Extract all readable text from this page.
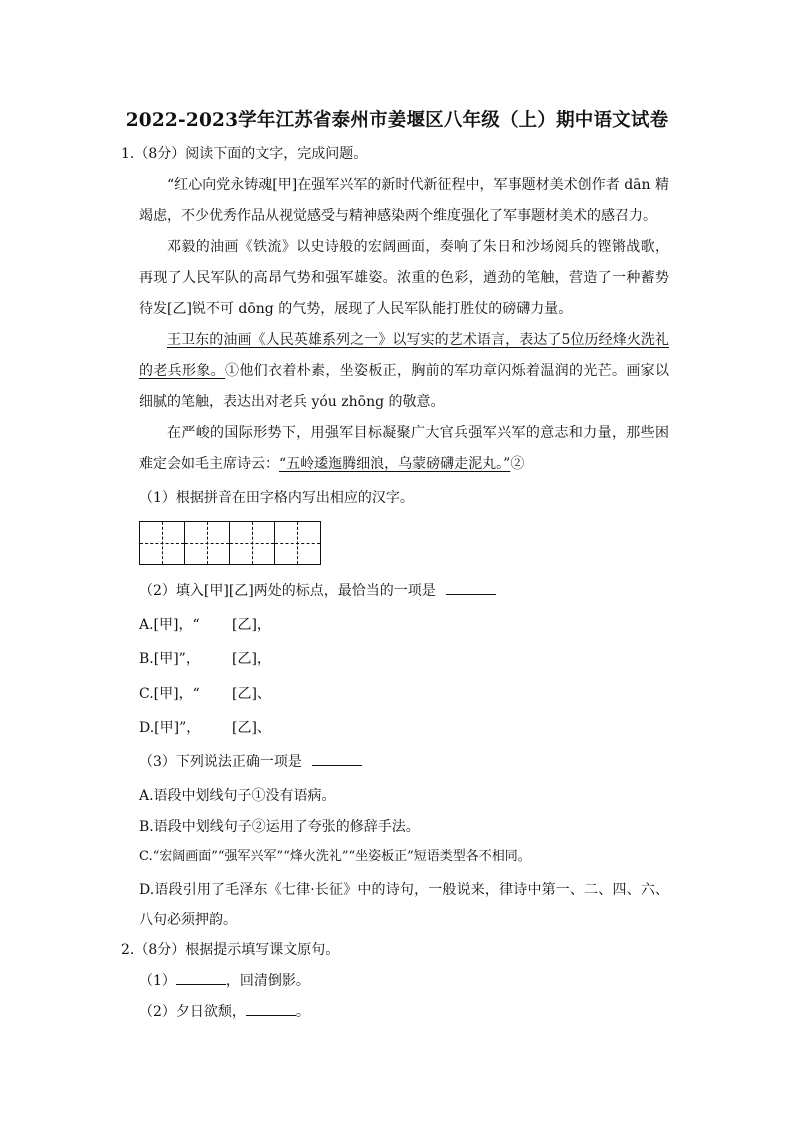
2022-2023学年江苏省泰州市姜堰区八年级（上）期中语文试卷
1.（8分）阅读下面的文字，完成问题。

“红心向党永铸魂[甲]在强军兴军的新时代新征程中，军事题材美术创作者 dān 精竭虑，不少优秀作品从视觉感受与精神感染两个维度强化了军事题材美术的感召力。

邓毅的油画《铁流》以史诗般的宏阔画面，奏响了朱日和沙场阅兵的铿锵战歌，再现了人民军队的高昂气势和强军雄姿。浓重的色彩，遒劲的笔触，营造了一种蓄势待发[乙]锐不可 dōng 的气势，展现了人民军队能打胜仗的磅礴力量。

王卫东的油画《人民英雄系列之一》以写实的艺术语言，表达了5位历经烽火洗礼的老兵形象。①他们衣着朴素，坐姿板正，胸前的军功章闪烁着温润的光芒。画家以细腻的笔触，表达出对老兵 yóu zhōng 的敬意。

在严峻的国际形势下，用强军目标凝聚广大官兵强军兴军的意志和力量，那些困难定会如毛主席诗云：“五岭逶迤腾细浪，乌蒙磅礴走泥丸。”②

（1）根据拼音在田字格内写出相应的汉字。
（2）填入[甲][乙]两处的标点，最恰当的一项是
A.[甲]，“ [乙]，
B.[甲]”， [乙]，
C.[甲]，“ [乙]、
D.[甲]”， [乙]、
（3）下列说法正确一项是
A.语段中划线句子①没有语病。
B.语段中划线句子②运用了夸张的修辞手法。
C.“宏阔画面”“强军兴军”“烽火洗礼”“坐姿板正”短语类型各不相同。

D.语段引用了毛泽东《七律·长征》中的诗句，一般说来，律诗中第一、二、四、六、八句必须押韵。

2.（8分）根据提示填写课文原句。
（1）	，回清倒影。
（2）夕日欲颓，	。
